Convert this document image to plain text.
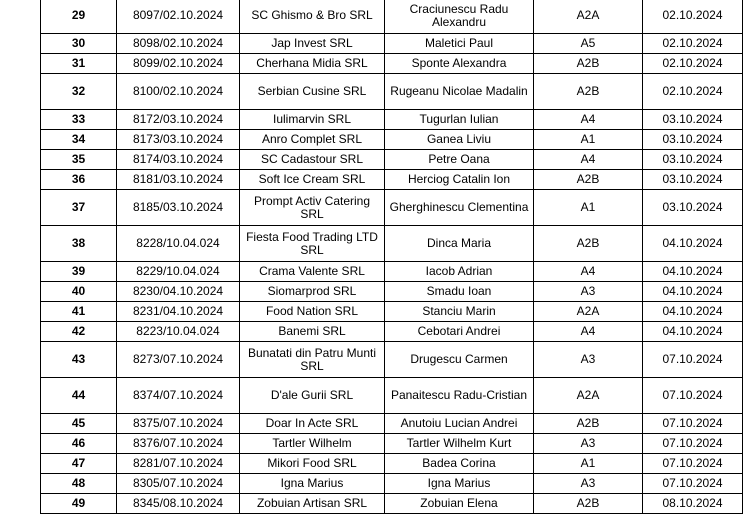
29	8097/02.10.2024	SC Ghismo & Bro SRL	Craciunescu Radu Alexandru	A2A	02.10.2024
30	8098/02.10.2024	Jap Invest SRL	Maletici Paul	A5	02.10.2024
31	8099/02.10.2024	Cherhana Midia SRL	Sponte Alexandra	A2B	02.10.2024
32	8100/02.10.2024	Serbian Cusine SRL	Rugeanu Nicolae Madalin	A2B	02.10.2024
33	8172/03.10.2024	Iulimarvin SRL	Tugurlan Iulian	A4	03.10.2024
34	8173/03.10.2024	Anro Complet SRL	Ganea Liviu	A1	03.10.2024
35	8174/03.10.2024	SC Cadastour SRL	Petre Oana	A4	03.10.2024
36	8181/03.10.2024	Soft Ice Cream SRL	Herciog Catalin Ion	A2B	03.10.2024
37	8185/03.10.2024	Prompt Activ Catering SRL	Gherghinescu Clementina	A1	03.10.2024
38	8228/10.04.024	Fiesta Food Trading LTD SRL	Dinca Maria	A2B	04.10.2024
39	8229/10.04.024	Crama Valente SRL	Iacob Adrian	A4	04.10.2024
40	8230/04.10.2024	Siomarprod SRL	Smadu Ioan	A3	04.10.2024
41	8231/04.10.2024	Food Nation SRL	Stanciu Marin	A2A	04.10.2024
42	8223/10.04.024	Banemi SRL	Cebotari Andrei	A4	04.10.2024
43	8273/07.10.2024	Bunatati din Patru Munti SRL	Drugescu Carmen	A3	07.10.2024
44	8374/07.10.2024	D'ale Gurii SRL	Panaitescu Radu-Cristian	A2A	07.10.2024
45	8375/07.10.2024	Doar In Acte SRL	Anutoiu Lucian Andrei	A2B	07.10.2024
46	8376/07.10.2024	Tartler Wilhelm	Tartler Wilhelm Kurt	A3	07.10.2024
47	8281/07.10.2024	Mikori Food SRL	Badea Corina	A1	07.10.2024
48	8305/07.10.2024	Igna Marius	Igna Marius	A3	07.10.2024
49	8345/08.10.2024	Zobuian Artisan SRL	Zobuian Elena	A2B	08.10.2024
